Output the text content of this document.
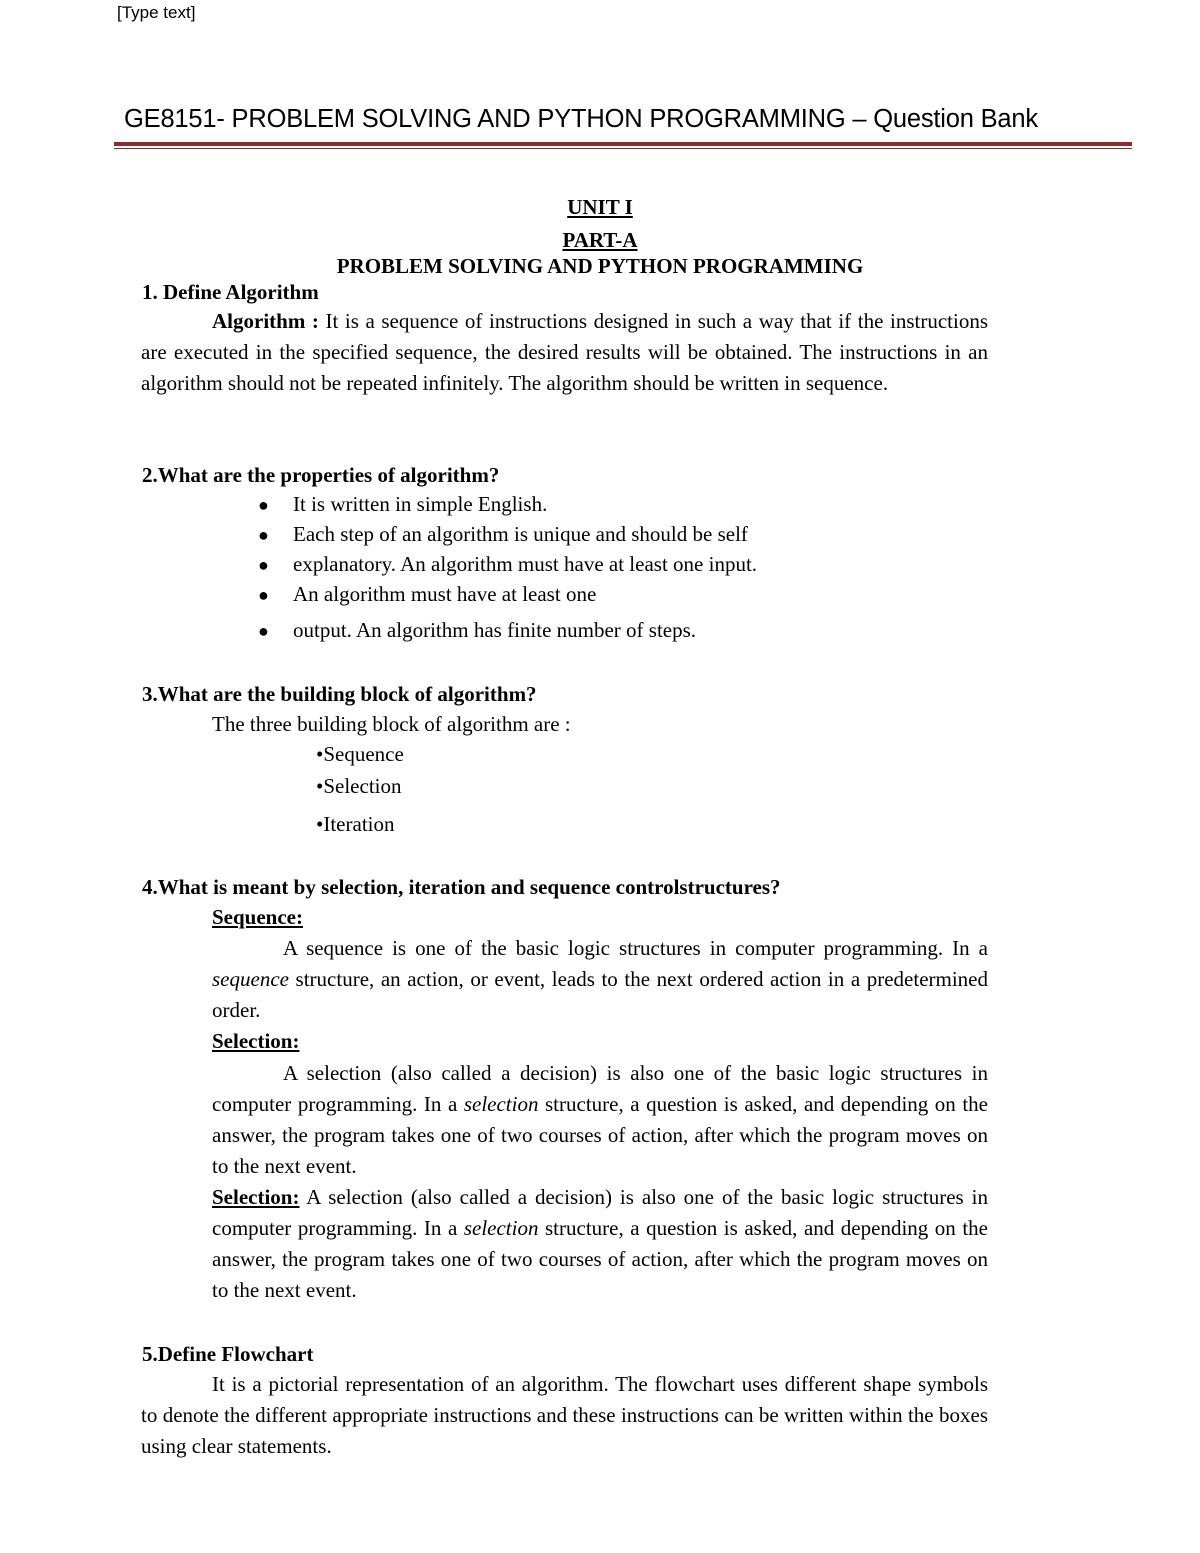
[Type text]
GE8151- PROBLEM SOLVING AND PYTHON PROGRAMMING – Question Bank
UNIT I
PART-A
PROBLEM SOLVING AND PYTHON PROGRAMMING
1. Define Algorithm
Algorithm : It is a sequence of instructions designed in such a way that if the instructions are executed in the specified sequence, the desired results will be obtained. The instructions in an algorithm should not be repeated infinitely. The algorithm should be written in sequence.
2.What are the properties of algorithm?
● It is written in simple English.
● Each step of an algorithm is unique and should be self
● explanatory. An algorithm must have at least one input.
● An algorithm must have at least one
● output. An algorithm has finite number of steps.
3.What are the building block of algorithm?
The three building block of algorithm are :
•Sequence
•Selection
•Iteration
4.What is meant by selection, iteration and sequence controlstructures?
Sequence:
A sequence is one of the basic logic structures in computer programming. In a sequence structure, an action, or event, leads to the next ordered action in a predetermined order.
Selection:
A selection (also called a decision) is also one of the basic logic structures in computer programming. In a selection structure, a question is asked, and depending on the answer, the program takes one of two courses of action, after which the program moves on to the next event.
Selection: A selection (also called a decision) is also one of the basic logic structures in computer programming. In a selection structure, a question is asked, and depending on the answer, the program takes one of two courses of action, after which the program moves on to the next event.
5.Define Flowchart
It is a pictorial representation of an algorithm. The flowchart uses different shape symbols to denote the different appropriate instructions and these instructions can be written within the boxes using clear statements.
